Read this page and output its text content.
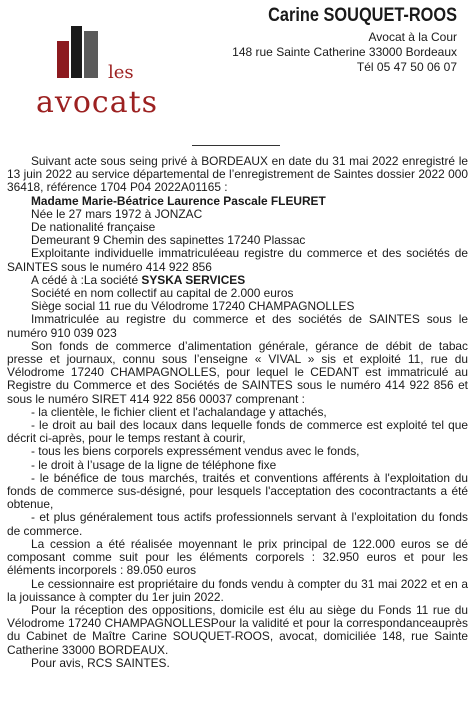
les
avocats
Carine SOUQUET-ROOS
Avocat à la Cour
148 rue Sainte Catherine 33000 Bordeaux
Tél 05 47 50 06 07

Suivant acte sous seing privé à BORDEAUX en date du 31 mai 2022 enregistré le 13 juin 2022 au service départemental de l’enregistrement de Saintes dossier 2022 000 36418, référence 1704 P04 2022A01165 :

Madame Marie-Béatrice Laurence Pascale FLEURET

Née le 27 mars 1972 à JONZAC

De nationalité française

Demeurant 9 Chemin des sapinettes 17240 Plassac

Exploitante individuelle immatriculéeau registre du commerce et des sociétés de SAINTES sous le numéro 414 922 856

A cédé à :La société SYSKA SERVICES

Société en nom collectif au capital de 2.000 euros

Siège social 11 rue du Vélodrome 17240 CHAMPAGNOLLES

Immatriculée au registre du commerce et des sociétés de SAINTES sous le numéro 910 039 023

Son fonds de commerce d’alimentation générale, gérance de débit de tabac presse et journaux, connu sous l’enseigne « VIVAL » sis et exploité 11, rue du Vélodrome 17240 CHAMPAGNOLLES, pour lequel le CEDANT est immatriculé au Registre du Commerce et des Sociétés de SAINTES sous le numéro 414 922 856 et sous le numéro SIRET 414 922 856 00037 comprenant :

- la clientèle, le fichier client et l'achalandage y attachés,

- le droit au bail des locaux dans lequelle fonds de commerce est exploité tel que décrit ci-après, pour le temps restant à courir,

- tous les biens corporels expressément vendus avec le fonds,

- le droit à l’usage de la ligne de téléphone fixe

- le bénéfice de tous marchés, traités et conventions afférents à l'exploitation du fonds de commerce sus-désigné, pour lesquels l'acceptation des cocontractants a été obtenue,

- et plus généralement tous actifs professionnels servant à l’exploitation du fonds de commerce.

La cession a été réalisée moyennant le prix principal de 122.000 euros se dé composant comme suit pour les éléments corporels : 32.950 euros et pour les éléments incorporels : 89.050 euros

Le cessionnaire est propriétaire du fonds vendu à compter du 31 mai 2022 et en a la jouissance à compter du 1er juin 2022.

Pour la réception des oppositions, domicile est élu au siège du Fonds 11 rue du Vélodrome 17240 CHAMPAGNOLLESPour la validité et pour la correspondanceauprès du Cabinet de Maître Carine SOUQUET-ROOS, avocat, domiciliée 148, rue Sainte Catherine 33000 BORDEAUX.

Pour avis, RCS SAINTES.
